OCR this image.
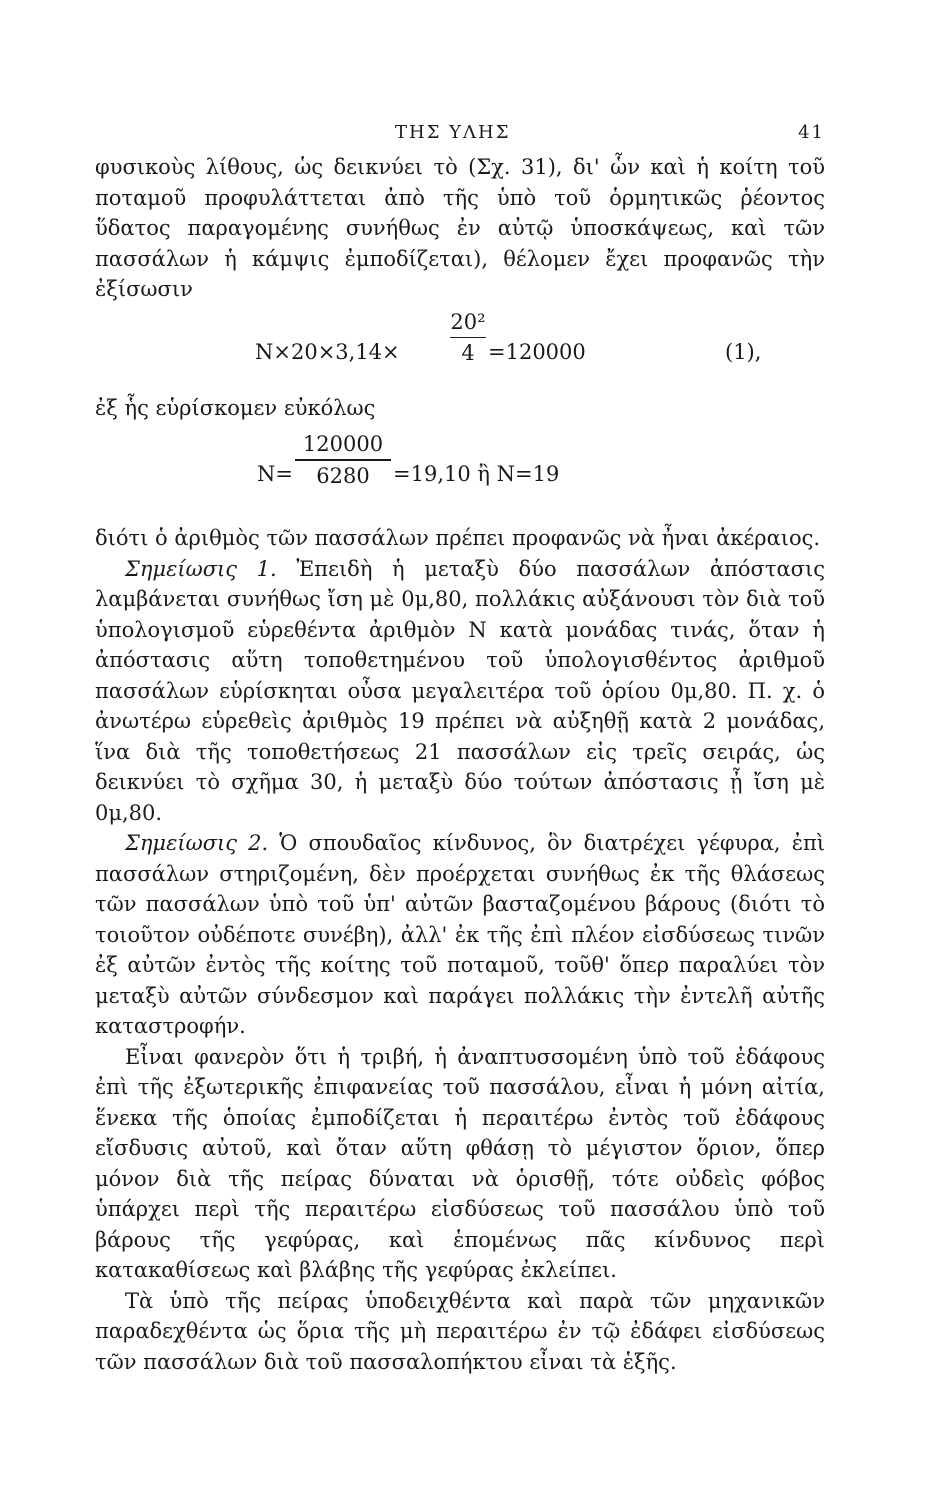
ΤΗΣ ΥΛΗΣ	41

φυσικοὺς λίθους, ὡς δεικνύει τὸ (Σχ. 31), δι' ὧν καὶ ἡ κοίτη τοῦ ποταμοῦ προφυλάττεται ἀπὸ τῆς ὑπὸ τοῦ ὁρμητικῶς ῥέοντος ὕδατος παραγομένης συνήθως ἐν αὐτῷ ὑποσκάψεως, καὶ τῶν πασσάλων ἡ κάμψις ἐμποδίζεται), θέλομεν ἔχει προφανῶς τὴν ἐξίσωσιν

N×20×3,14×
20²
4 =120000	(1),

ἐξ ἧς εὑρίσκομεν εὐκόλως

N=
120000
6280	=19,10 ἢ N=19

διότι ὁ ἀριθμὸς τῶν πασσάλων πρέπει προφανῶς νὰ ἦναι ἀκέραιος.

Σημείωσις 1. Ἐπειδὴ ἡ μεταξὺ δύο πασσάλων ἀπόστασις λαμβάνεται συνήθως ἴση μὲ 0μ,80, πολλάκις αὐξάνουσι τὸν διὰ τοῦ ὑπολογισμοῦ εὑρεθέντα ἀριθμὸν N κατὰ μονάδας τινάς, ὅταν ἡ ἀπόστασις αὕτη τοποθετημένου τοῦ ὑπολογισθέντος ἀριθμοῦ πασσάλων εὑρίσκηται οὖσα μεγαλειτέρα τοῦ ὁρίου 0μ,80. Π. χ. ὁ ἀνωτέρω εὑρεθεὶς ἀριθμὸς 19 πρέπει νὰ αὐξηθῇ κατὰ 2 μονάδας, ἵνα διὰ τῆς τοποθετήσεως 21 πασσάλων εἰς τρεῖς σειράς, ὡς δεικνύει τὸ σχῆμα 30, ἡ μεταξὺ δύο τούτων ἀπόστασις ᾖ ἴση μὲ 0μ,80.

Σημείωσις 2. Ὁ σπουδαῖος κίνδυνος, ὃν διατρέχει γέφυρα, ἐπὶ πασσάλων στηριζομένη, δὲν προέρχεται συνήθως ἐκ τῆς θλάσεως τῶν πασσάλων ὑπὸ τοῦ ὑπ' αὐτῶν βασταζομένου βάρους (διότι τὸ τοιοῦτον οὐδέποτε συνέβη), ἀλλ' ἐκ τῆς ἐπὶ πλέον εἰσδύσεως τινῶν ἐξ αὐτῶν ἐντὸς τῆς κοίτης τοῦ ποταμοῦ, τοῦθ' ὅπερ παραλύει τὸν μεταξὺ αὐτῶν σύνδεσμον καὶ παράγει πολλάκις τὴν ἐντελῆ αὐτῆς καταστροφήν.

Εἶναι φανερὸν ὅτι ἡ τριβή, ἡ ἀναπτυσσομένη ὑπὸ τοῦ ἐδάφους ἐπὶ τῆς ἐξωτερικῆς ἐπιφανείας τοῦ πασσάλου, εἶναι ἡ μόνη αἰτία, ἕνεκα τῆς ὁποίας ἐμποδίζεται ἡ περαιτέρω ἐντὸς τοῦ ἐδάφους εἴσδυσις αὐτοῦ, καὶ ὅταν αὕτη φθάσῃ τὸ μέγιστον ὅριον, ὅπερ μόνον διὰ τῆς πείρας δύναται νὰ ὁρισθῇ, τότε οὐδεὶς φόβος ὑπάρχει περὶ τῆς περαιτέρω εἰσδύσεως τοῦ πασσάλου ὑπὸ τοῦ βάρους τῆς γεφύρας, καὶ ἑπομένως πᾶς κίνδυνος περὶ κατακαθίσεως καὶ βλάβης τῆς γεφύρας ἐκλείπει.

Τὰ ὑπὸ τῆς πείρας ὑποδειχθέντα καὶ παρὰ τῶν μηχανικῶν παραδεχθέντα ὡς ὅρια τῆς μὴ περαιτέρω ἐν τῷ ἐδάφει εἰσδύσεως τῶν πασσάλων διὰ τοῦ πασσαλοπήκτου εἶναι τὰ ἑξῆς.
